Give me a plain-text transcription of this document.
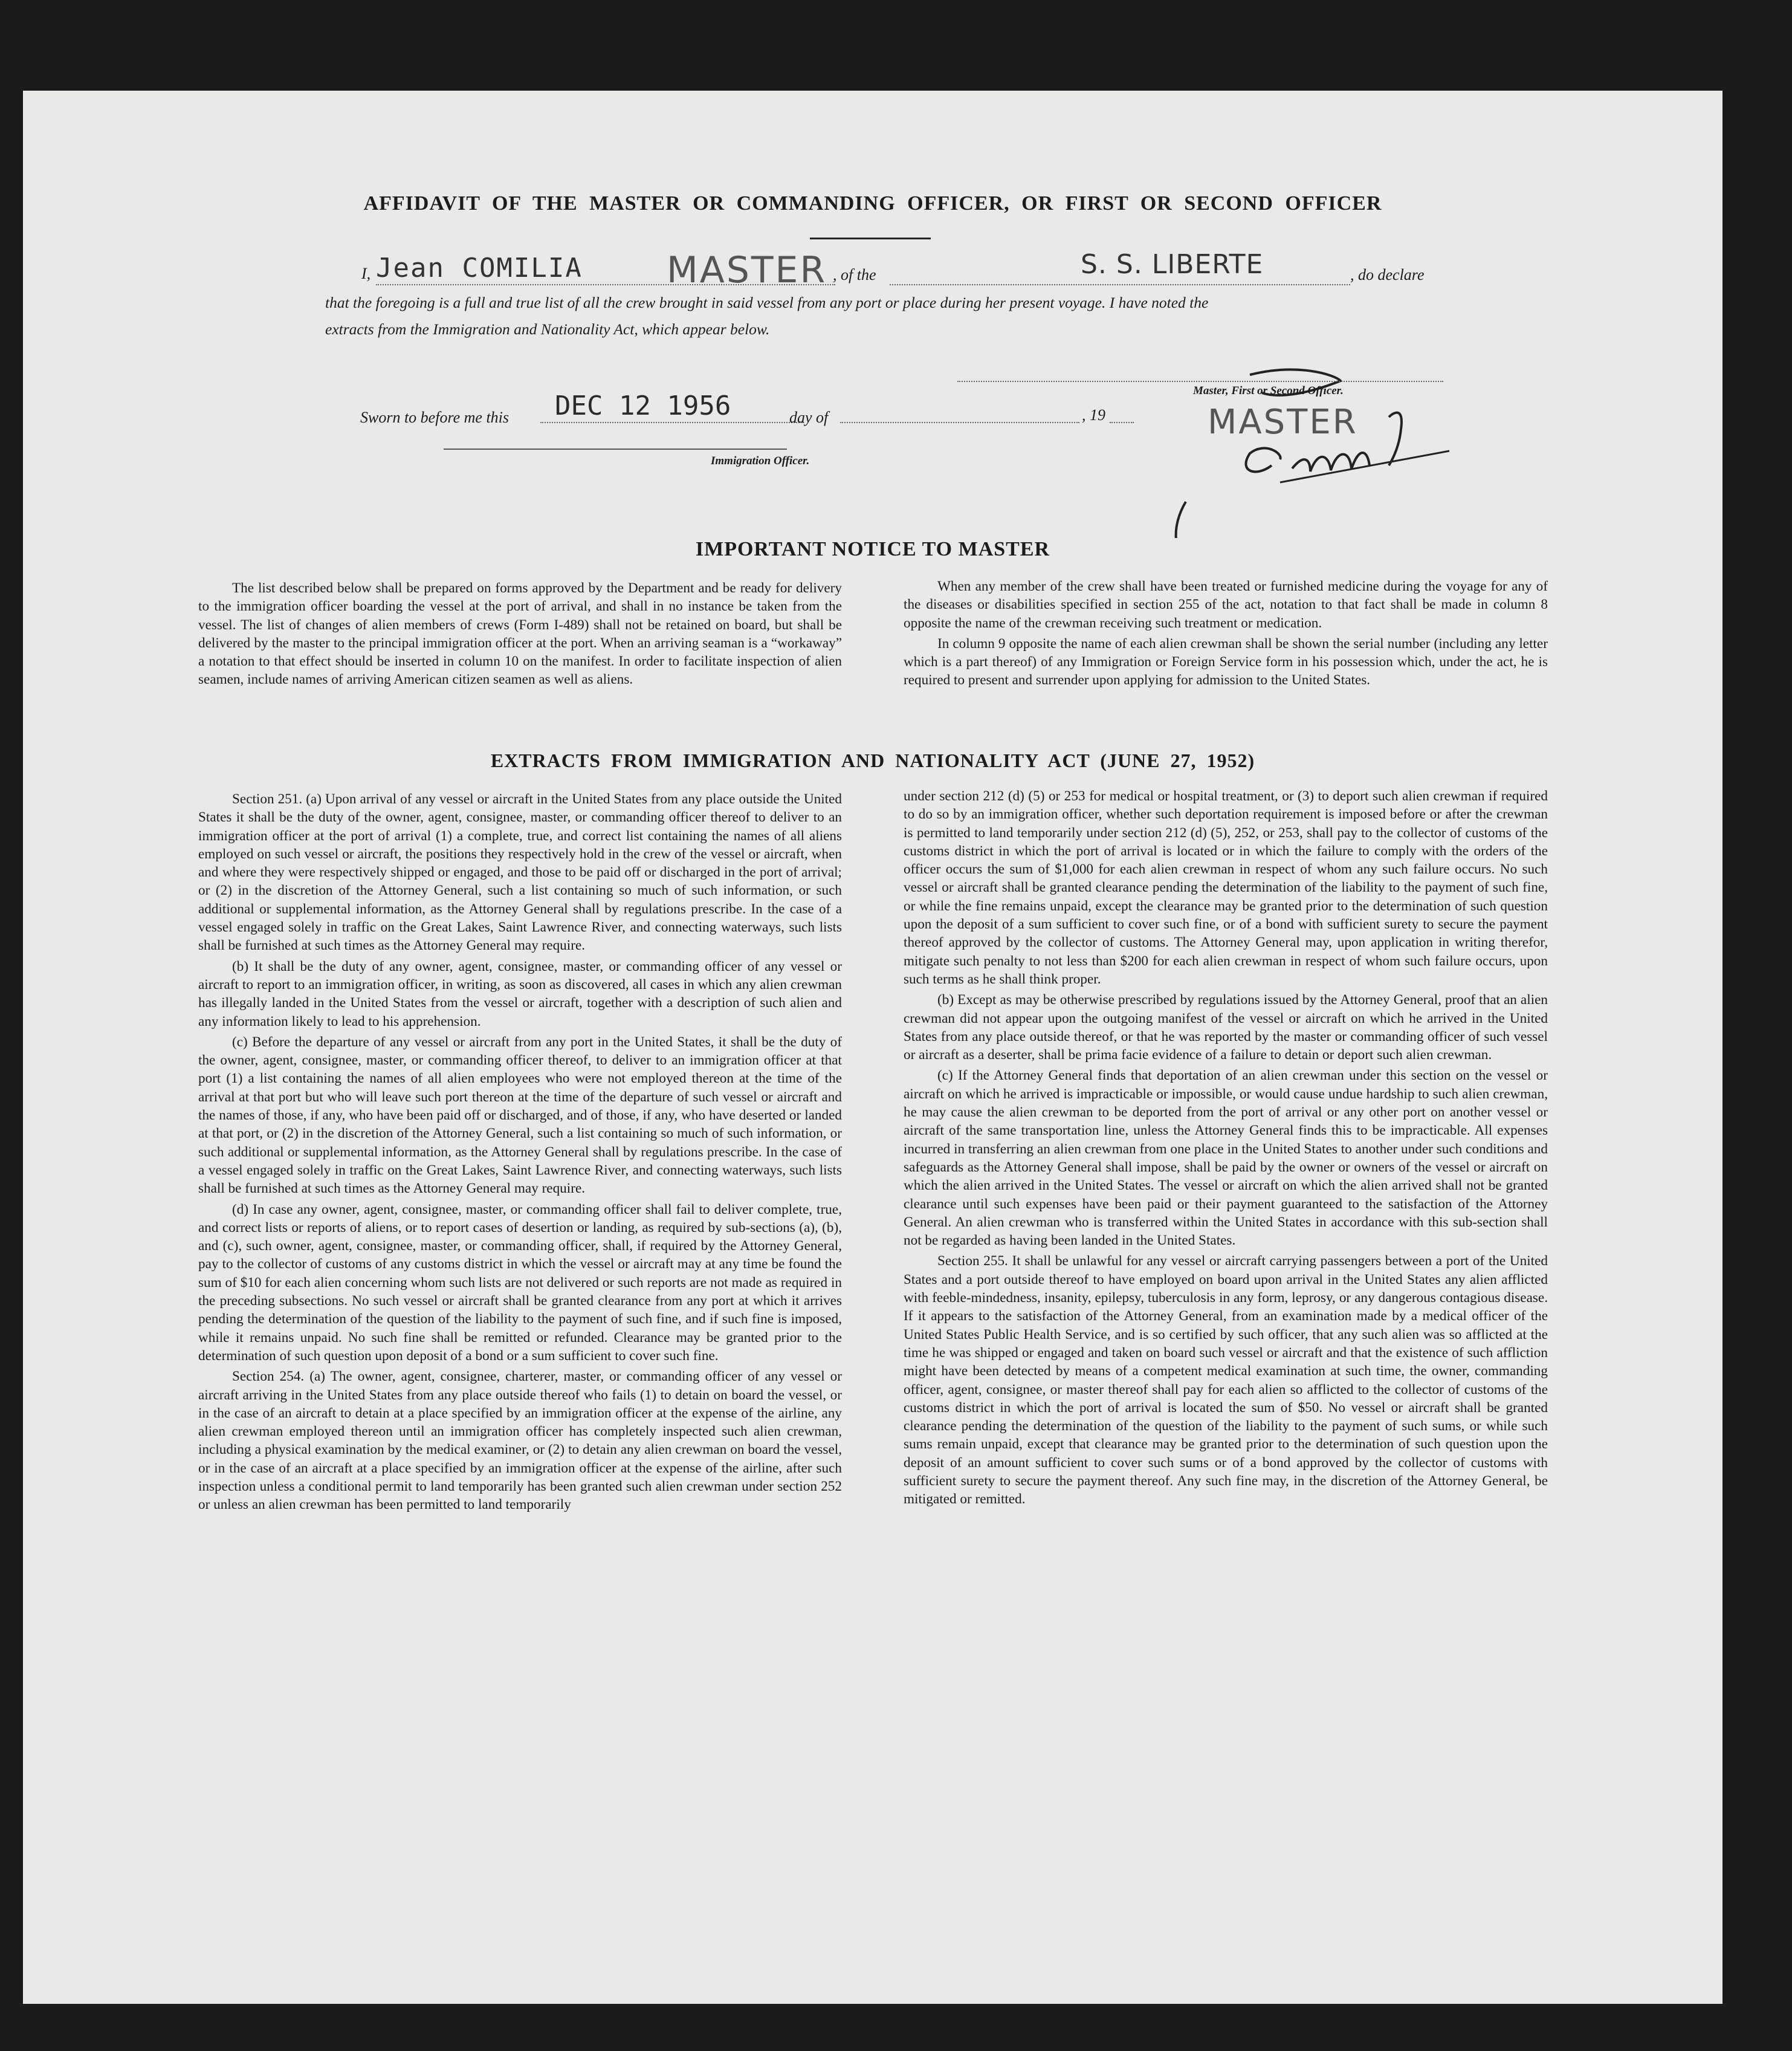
AFFIDAVIT OF THE MASTER OR COMMANDING OFFICER, OR FIRST OR SECOND OFFICER
I, Jean COMILIA MASTER , of the	S. S. LIBERTE	, do declare
that the foregoing is a full and true list of all the crew brought in said vessel from any port or place during her present voyage. I have noted the
extracts from the Immigration and Nationality Act, which appear below.
Sworn to before me this DEC 12 1956	day of	, 19
Master, First or Second Officer.
MASTER
Immigration Officer.
IMPORTANT NOTICE TO MASTER

The list described below shall be prepared on forms approved by the Department and be ready for delivery to the immigration officer boarding the vessel at the port of arrival, and shall in no instance be taken from the vessel. The list of changes of alien members of crews (Form I-489) shall not be retained on board, but shall be delivered by the master to the principal immigration officer at the port. When an arriving seaman is a “workaway” a notation to that effect should be inserted in column 10 on the manifest. In order to facilitate inspection of alien seamen, include names of arriving American citizen seamen as well as aliens.

When any member of the crew shall have been treated or furnished medicine during the voyage for any of the diseases or disabilities specified in section 255 of the act, notation to that fact shall be made in column 8 opposite the name of the crewman receiving such treatment or medication.

In column 9 opposite the name of each alien crewman shall be shown the serial number (including any letter which is a part thereof) of any Immigration or Foreign Service form in his possession which, under the act, he is required to present and surrender upon applying for admission to the United States.

EXTRACTS FROM IMMIGRATION AND NATIONALITY ACT (JUNE 27, 1952)

Section 251. (a) Upon arrival of any vessel or aircraft in the United States from any place outside the United States it shall be the duty of the owner, agent, consignee, master, or commanding officer thereof to deliver to an immigration officer at the port of arrival (1) a complete, true, and correct list containing the names of all aliens employed on such vessel or aircraft, the positions they respectively hold in the crew of the vessel or aircraft, when and where they were respectively shipped or engaged, and those to be paid off or discharged in the port of arrival; or (2) in the discretion of the Attorney General, such a list containing so much of such information, or such additional or supplemental information, as the Attorney General shall by regulations prescribe. In the case of a vessel engaged solely in traffic on the Great Lakes, Saint Lawrence River, and connecting waterways, such lists shall be furnished at such times as the Attorney General may require.

(b) It shall be the duty of any owner, agent, consignee, master, or commanding officer of any vessel or aircraft to report to an immigration officer, in writing, as soon as discovered, all cases in which any alien crewman has illegally landed in the United States from the vessel or aircraft, together with a description of such alien and any information likely to lead to his apprehension.

(c) Before the departure of any vessel or aircraft from any port in the United States, it shall be the duty of the owner, agent, consignee, master, or commanding officer thereof, to deliver to an immigration officer at that port (1) a list containing the names of all alien employees who were not employed thereon at the time of the arrival at that port but who will leave such port thereon at the time of the departure of such vessel or aircraft and the names of those, if any, who have been paid off or discharged, and of those, if any, who have deserted or landed at that port, or (2) in the discretion of the Attorney General, such a list containing so much of such information, or such additional or supplemental information, as the Attorney General shall by regulations prescribe. In the case of a vessel engaged solely in traffic on the Great Lakes, Saint Lawrence River, and connecting waterways, such lists shall be furnished at such times as the Attorney General may require.

(d) In case any owner, agent, consignee, master, or commanding officer shall fail to deliver complete, true, and correct lists or reports of aliens, or to report cases of desertion or landing, as required by sub-sections (a), (b), and (c), such owner, agent, consignee, master, or commanding officer, shall, if required by the Attorney General, pay to the collector of customs of any customs district in which the vessel or aircraft may at any time be found the sum of $10 for each alien concerning whom such lists are not delivered or such reports are not made as required in the preceding subsections. No such vessel or aircraft shall be granted clearance from any port at which it arrives pending the determination of the question of the liability to the payment of such fine, and if such fine is imposed, while it remains unpaid. No such fine shall be remitted or refunded. Clearance may be granted prior to the determination of such question upon deposit of a bond or a sum sufficient to cover such fine.

Section 254. (a) The owner, agent, consignee, charterer, master, or commanding officer of any vessel or aircraft arriving in the United States from any place outside thereof who fails (1) to detain on board the vessel, or in the case of an aircraft to detain at a place specified by an immigration officer at the expense of the airline, any alien crewman employed thereon until an immigration officer has completely inspected such alien crewman, including a physical examination by the medical examiner, or (2) to detain any alien crewman on board the vessel, or in the case of an aircraft at a place specified by an immigration officer at the expense of the airline, after such inspection unless a conditional permit to land temporarily has been granted such alien crewman under section 252 or unless an alien crewman has been permitted to land temporarily

under section 212 (d) (5) or 253 for medical or hospital treatment, or (3) to deport such alien crewman if required to do so by an immigration officer, whether such deportation requirement is imposed before or after the crewman is permitted to land temporarily under section 212 (d) (5), 252, or 253, shall pay to the collector of customs of the customs district in which the port of arrival is located or in which the failure to comply with the orders of the officer occurs the sum of $1,000 for each alien crewman in respect of whom any such failure occurs. No such vessel or aircraft shall be granted clearance pending the determination of the liability to the payment of such fine, or while the fine remains unpaid, except the clearance may be granted prior to the determination of such question upon the deposit of a sum sufficient to cover such fine, or of a bond with sufficient surety to secure the payment thereof approved by the collector of customs. The Attorney General may, upon application in writing therefor, mitigate such penalty to not less than $200 for each alien crewman in respect of whom such failure occurs, upon such terms as he shall think proper.

(b) Except as may be otherwise prescribed by regulations issued by the Attorney General, proof that an alien crewman did not appear upon the outgoing manifest of the vessel or aircraft on which he arrived in the United States from any place outside thereof, or that he was reported by the master or commanding officer of such vessel or aircraft as a deserter, shall be prima facie evidence of a failure to detain or deport such alien crewman.

(c) If the Attorney General finds that deportation of an alien crewman under this section on the vessel or aircraft on which he arrived is impracticable or impossible, or would cause undue hardship to such alien crewman, he may cause the alien crewman to be deported from the port of arrival or any other port on another vessel or aircraft of the same transportation line, unless the Attorney General finds this to be impracticable. All expenses incurred in transferring an alien crewman from one place in the United States to another under such conditions and safeguards as the Attorney General shall impose, shall be paid by the owner or owners of the vessel or aircraft on which the alien arrived in the United States. The vessel or aircraft on which the alien arrived shall not be granted clearance until such expenses have been paid or their payment guaranteed to the satisfaction of the Attorney General. An alien crewman who is transferred within the United States in accordance with this sub-section shall not be regarded as having been landed in the United States.

Section 255. It shall be unlawful for any vessel or aircraft carrying passengers between a port of the United States and a port outside thereof to have employed on board upon arrival in the United States any alien afflicted with feeble-mindedness, insanity, epilepsy, tuberculosis in any form, leprosy, or any dangerous contagious disease. If it appears to the satisfaction of the Attorney General, from an examination made by a medical officer of the United States Public Health Service, and is so certified by such officer, that any such alien was so afflicted at the time he was shipped or engaged and taken on board such vessel or aircraft and that the existence of such affliction might have been detected by means of a competent medical examination at such time, the owner, commanding officer, agent, consignee, or master thereof shall pay for each alien so afflicted to the collector of customs of the customs district in which the port of arrival is located the sum of $50. No vessel or aircraft shall be granted clearance pending the determination of the question of the liability to the payment of such sums, or while such sums remain unpaid, except that clearance may be granted prior to the determination of such question upon the deposit of an amount sufficient to cover such sums or of a bond approved by the collector of customs with sufficient surety to secure the payment thereof. Any such fine may, in the discretion of the Attorney General, be mitigated or remitted.
